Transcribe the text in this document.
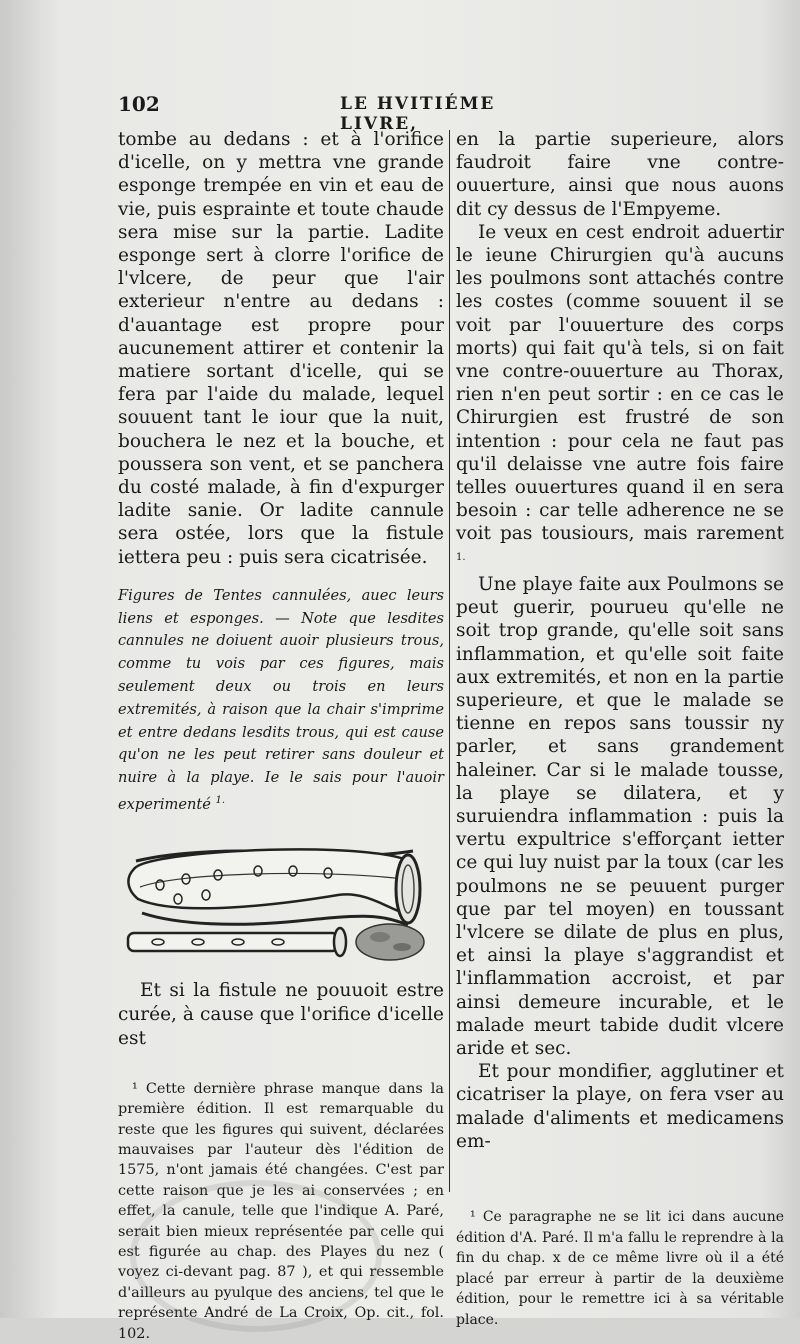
102	LE HVITIÉME LIVRE,

tombe au dedans : et à l'orifice d'icelle, on y mettra vne grande esponge trempée en vin et eau de vie, puis espraintе et toute chaude sera mise sur la partie. Ladite esponge sert à clorre l'orifice de l'vlcere, de peur que l'air exterieur n'entre au dedans : d'auantage est propre pour aucunement attirer et contenir la matiere sortant d'icelle, qui se fera par l'aide du malade, lequel souuent tant le iour que la nuit, bouchera le nez et la bouche, et poussera son vent, et se panchera du costé malade, à fin d'expurger ladite sanie. Or ladite cannule sera ostée, lors que la fistule iettera peu : puis sera cicatrisée.

Figures de Tentes cannulées, auec leurs liens et esponges. — Note que lesdites cannules ne doiuent auoir plusieurs trous, comme tu vois par ces figures, mais seulement deux ou trois en leurs extremités, à raison que la chair s'imprime et entre dedans lesdits trous, qui est cause qu'on ne les peut retirer sans douleur et nuire à la playe. Ie le sais pour l'auoir experimenté $^{1.}$

Et si la fistule ne pouuoit estre curée, à cause que l'orifice d'icelle est

¹ Cette dernière phrase manque dans la première édition. Il est remarquable du reste que les figures qui suivent, déclarées mauvaises par l'auteur dès l'édition de 1575, n'ont jamais été changées. C'est par cette raison que je les ai conservées ; en effet, la canule, telle que l'indique A. Paré, serait bien mieux représentée par celle qui est figurée au chap. des Playes du nez ( voyez ci-devant pag. 87 ), et qui ressemble d'ailleurs au pyulque des anciens, tel que le représente André de La Croix, Op. cit., fol. 102.

en la partie superieure, alors faudroit faire vne contre-ouuerture, ainsi que nous auons dit cy dessus de l'Empyeme.

Ie veux en cest endroit aduertir le ieune Chirurgien qu'à aucuns les poulmons sont attachés contre les costes (comme souuent il se voit par l'ouuerture des corps morts) qui fait qu'à tels, si on fait vne contre-ouuerture au Thorax, rien n'en peut sortir : en ce cas le Chirurgien est frustré de son intention : pour cela ne faut pas qu'il delaisse vne autre fois faire telles ouuertures quand il en sera besoin : car telle adherence ne se voit pas tousiours, mais rarement $^{1.}$

Une playe faite aux Poulmons se peut guerir, pourueu qu'elle ne soit trop grande, qu'elle soit sans inflammation, et qu'elle soit faite aux extremités, et non en la partie superieure, et que le malade se tienne en repos sans toussir ny parler, et sans grandement haleiner. Car si le malade tousse, la playe se dilatera, et y suruiendra inflammation : puis la vertu expultrice s'efforçant ietter ce qui luy nuist par la toux (car les poulmons ne se peuuent purger que par tel moyen) en toussant l'vlcere se dilate de plus en plus, et ainsi la playe s'aggrandist et l'inflammation accroist, et par ainsi demeure incurable, et le malade meurt tabide dudit vlcere aride et sec.

Et pour mondifier, agglutiner et cicatriser la playe, on fera vser au malade d'aliments et medicamens em-

¹ Ce paragraphe ne se lit ici dans aucune édition d'A. Paré. Il m'a fallu le reprendre à la fin du chap. x de ce même livre où il a été placé par erreur à partir de la deuxième édition, pour le remettre ici à sa véritable place.
